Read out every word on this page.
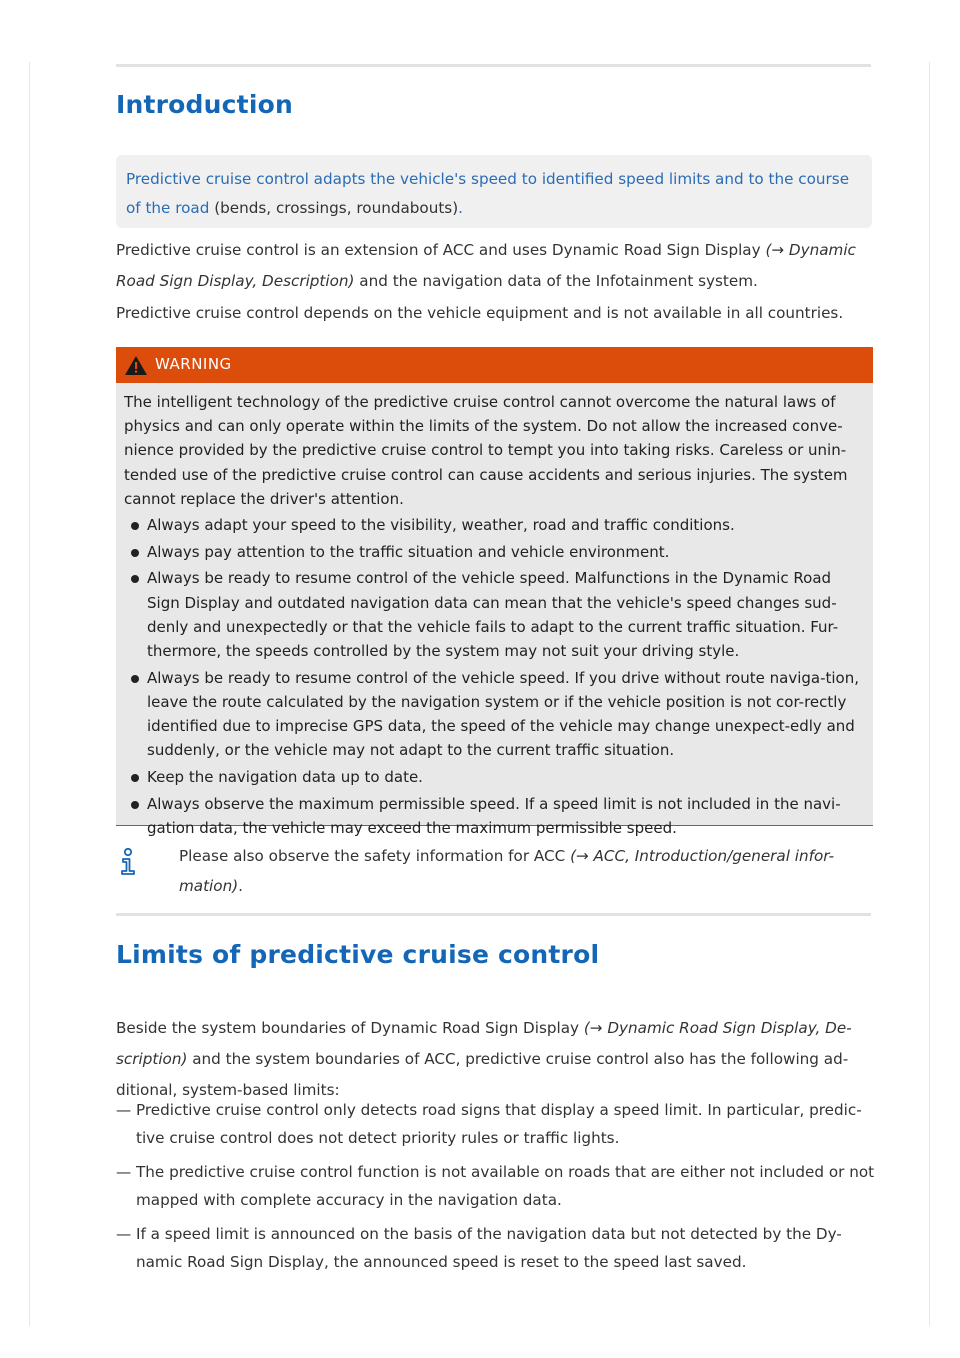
Introduction
Predictive cruise control adapts the vehicle's speed to identified speed limits and to the course of the road (bends, crossings, roundabouts).

Predictive cruise control is an extension of ACC and uses Dynamic Road Sign Display (→ Dynamic Road Sign Display, Description) and the navigation data of the Infotainment system.

Predictive cruise control depends on the vehicle equipment and is not available in all countries.

WARNING

The intelligent technology of the predictive cruise control cannot overcome the natural laws of physics and can only operate within the limits of the system. Do not allow the increased conve-nience provided by the predictive cruise control to tempt you into taking risks. Careless or unin-tended use of the predictive cruise control can cause accidents and serious injuries. The system cannot replace the driver's attention.

Always adapt your speed to the visibility, weather, road and traffic conditions.
Always pay attention to the traffic situation and vehicle environment.
Always be ready to resume control of the vehicle speed. Malfunctions in the Dynamic Road Sign Display and outdated navigation data can mean that the vehicle's speed changes sud-denly and unexpectedly or that the vehicle fails to adapt to the current traffic situation. Fur-thermore, the speeds controlled by the system may not suit your driving style.
Always be ready to resume control of the vehicle speed. If you drive without route naviga-tion, leave the route calculated by the navigation system or if the vehicle position is not cor-rectly identified due to imprecise GPS data, the speed of the vehicle may change unexpect-edly and suddenly, or the vehicle may not adapt to the current traffic situation.
Keep the navigation data up to date.
Always observe the maximum permissible speed. If a speed limit is not included in the navi-gation data, the vehicle may exceed the maximum permissible speed.

Please also observe the safety information for ACC (→ ACC, Introduction/general infor-mation).

Limits of predictive cruise control

Beside the system boundaries of Dynamic Road Sign Display (→ Dynamic Road Sign Display, De-scription) and the system boundaries of ACC, predictive cruise control also has the following ad-ditional, system-based limits:

— Predictive cruise control only detects road signs that display a speed limit. In particular, predic-tive cruise control does not detect priority rules or traffic lights.
— The predictive cruise control function is not available on roads that are either not included or not mapped with complete accuracy in the navigation data.
— If a speed limit is announced on the basis of the navigation data but not detected by the Dy-namic Road Sign Display, the announced speed is reset to the speed last saved.
